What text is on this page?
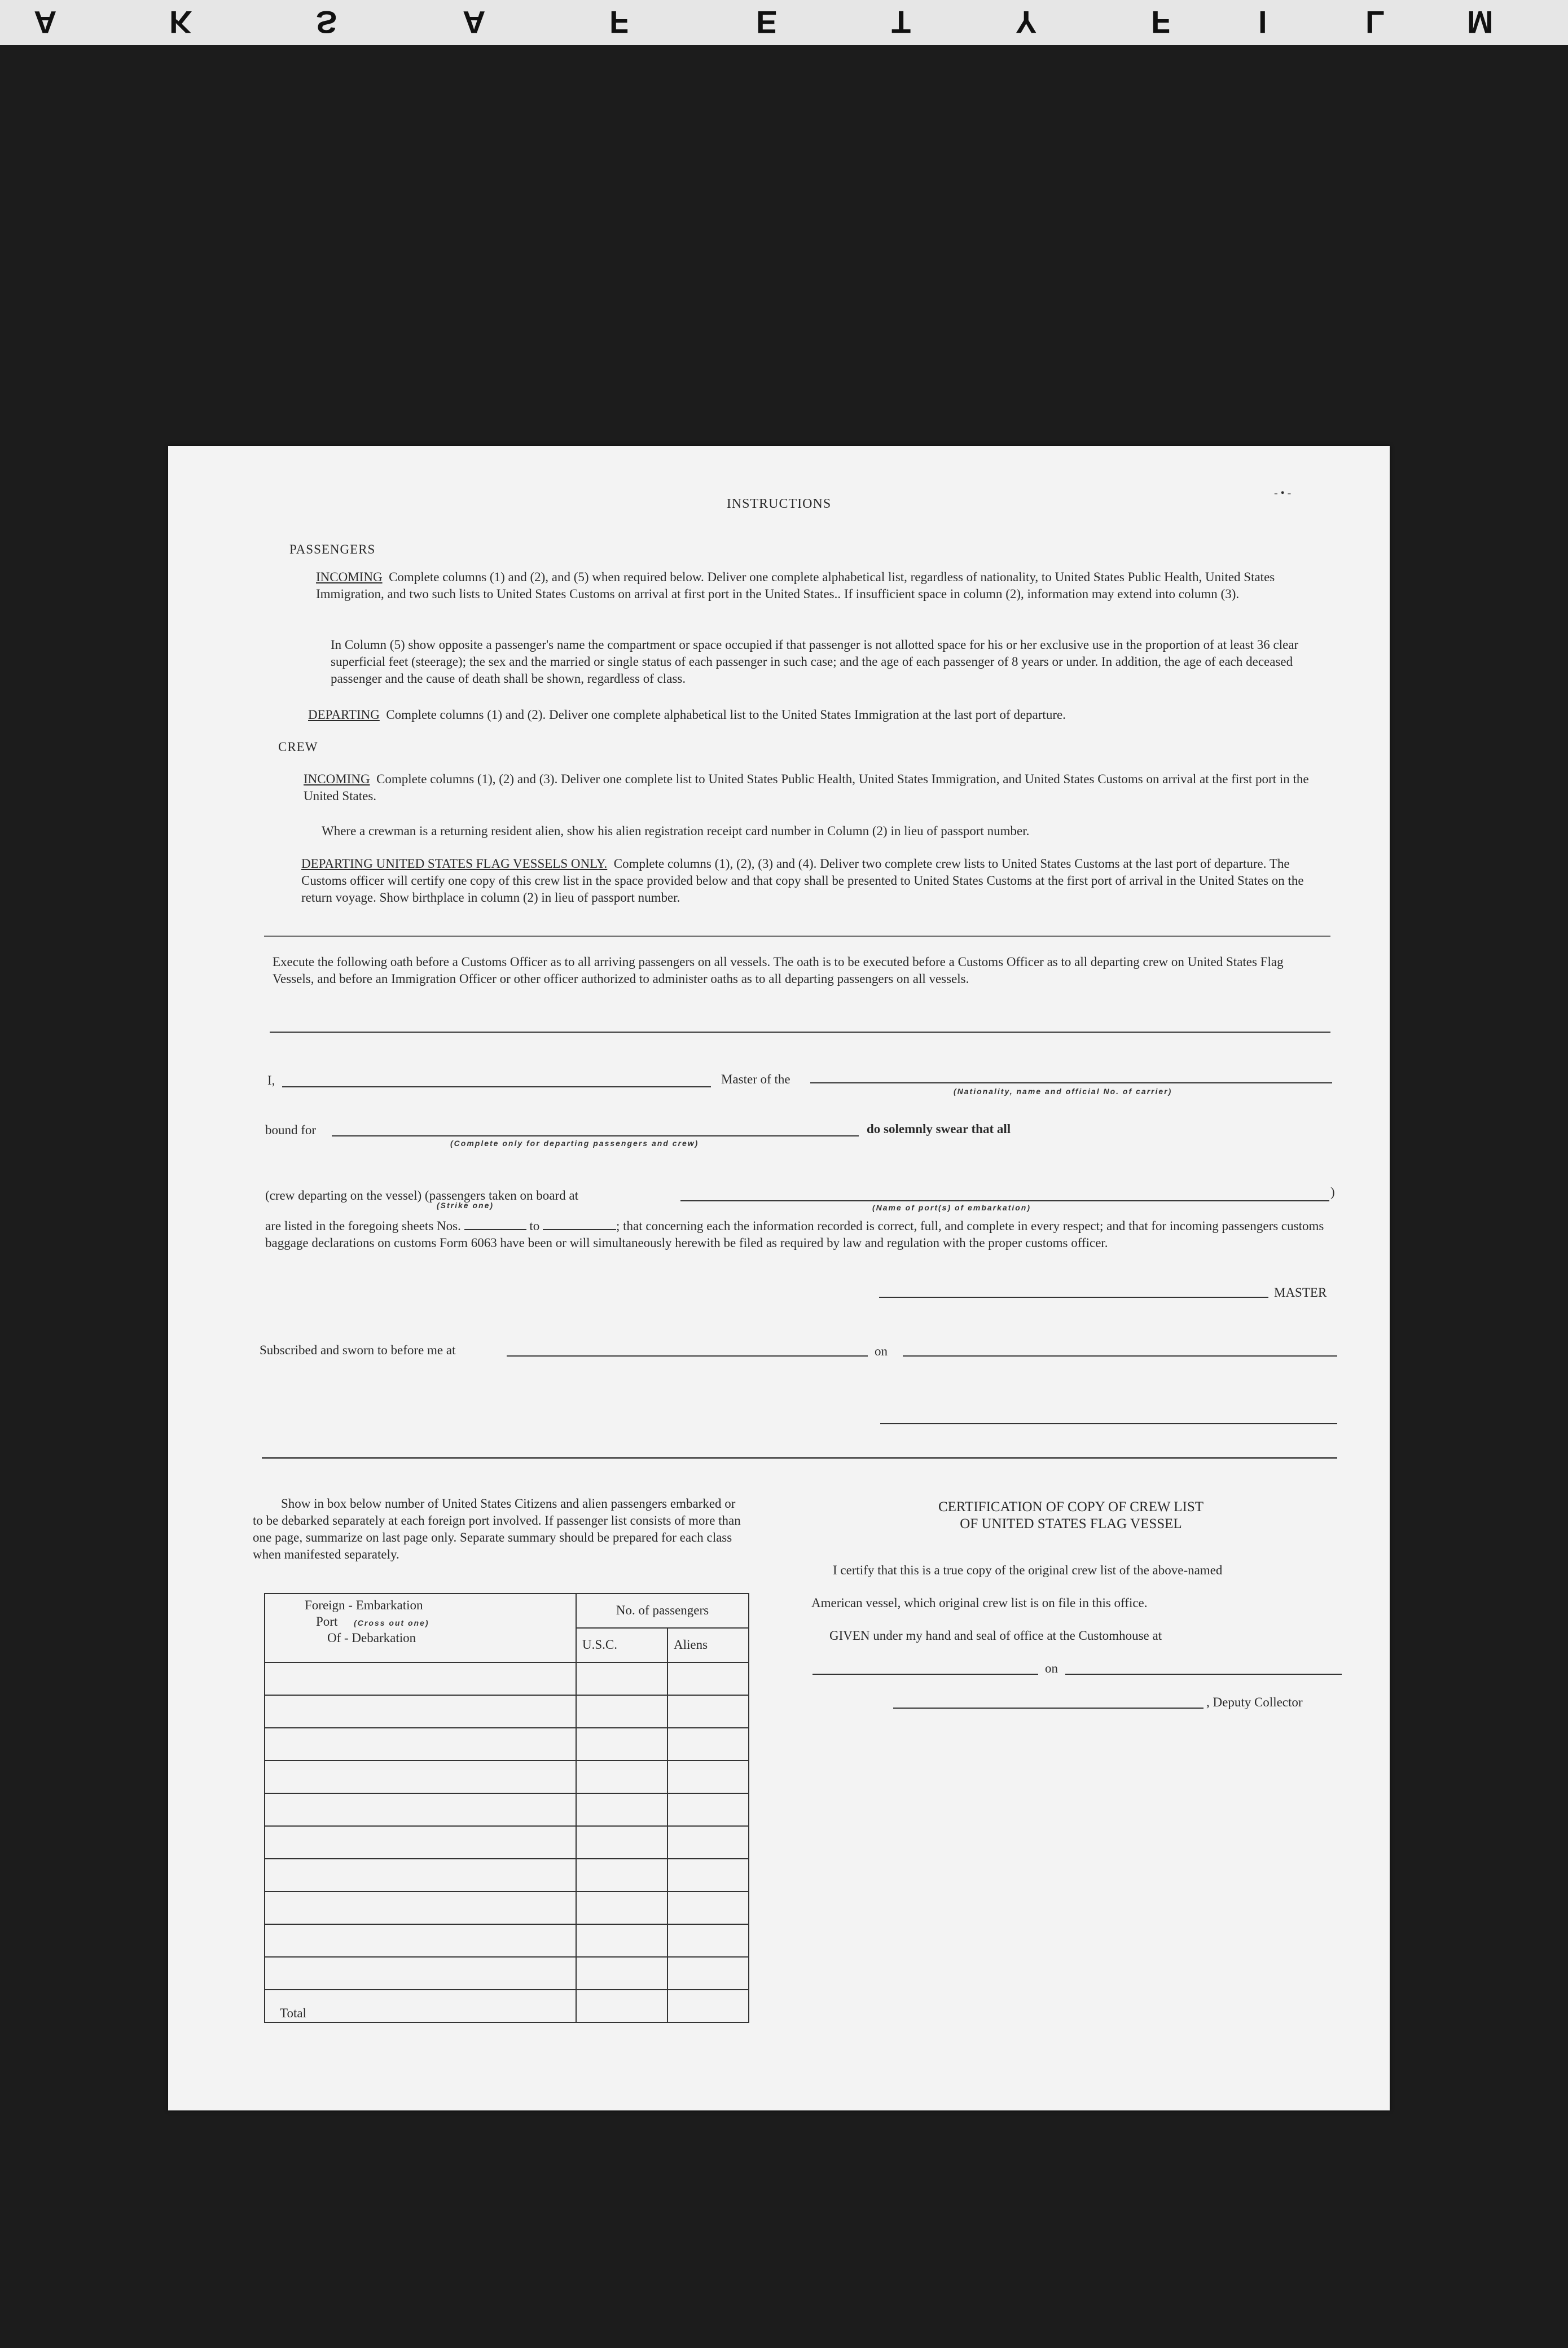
A	K	S	A	F	E	T	Y	F	I	L	M
INSTRUCTIONS
- • -
PASSENGERS
INCOMING Complete columns (1) and (2), and (5) when required below. Deliver one complete alphabetical list, regardless of nationality, to United States Public Health, United States Immigration, and two such lists to United States Customs on arrival at first port in the United States.. If insufficient space in column (2), information may extend into column (3).
In Column (5) show opposite a passenger's name the compartment or space occupied if that passenger is not allotted space for his or her exclusive use in the proportion of at least 36 clear superficial feet (steerage); the sex and the married or single status of each passenger in such case; and the age of each passenger of 8 years or under. In addition, the age of each deceased passenger and the cause of death shall be shown, regardless of class.
DEPARTING Complete columns (1) and (2). Deliver one complete alphabetical list to the United States Immigration at the last port of departure.
CREW
INCOMING Complete columns (1), (2) and (3). Deliver one complete list to United States Public Health, United States Immigration, and United States Customs on arrival at the first port in the United States.
Where a crewman is a returning resident alien, show his alien registration receipt card number in Column (2) in lieu of passport number.
DEPARTING UNITED STATES FLAG VESSELS ONLY. Complete columns (1), (2), (3) and (4). Deliver two complete crew lists to United States Customs at the last port of departure. The Customs officer will certify one copy of this crew list in the space provided below and that copy shall be presented to United States Customs at the first port of arrival in the United States on the return voyage. Show birthplace in column (2) in lieu of passport number.
Execute the following oath before a Customs Officer as to all arriving passengers on all vessels. The oath is to be executed before a Customs Officer as to all departing crew on United States Flag Vessels, and before an Immigration Officer or other officer authorized to administer oaths as to all departing passengers on all vessels.
I,	Master of the
(Nationality, name and official No. of carrier)
bound for
(Complete only for departing passengers and crew)
do solemnly swear that all
(crew departing on the vessel) (passengers taken on board at
(Strike one)
)
(Name of port(s) of embarkation)
are listed in the foregoing sheets Nos.	to	; that concerning each the information recorded is correct, full, and complete in every respect; and that for incoming passengers customs baggage declarations on customs Form 6063 have been or will simultaneously herewith be filed as required by law and regulation with the proper customs officer.
MASTER
Subscribed and sworn to before me at	on
Show in box below number of United States Citizens and alien passengers embarked or to be debarked separately at each foreign port involved. If passenger list consists of more than one page, summarize on last page only. Separate summary should be prepared for each class when manifested separately.
Foreign - Embarkation
Port (Cross out one)
Of - Debarkation	No. of passengers	
	U.S.C.	Aliens

Total		
CERTIFICATION OF COPY OF CREW LIST
OF UNITED STATES FLAG VESSEL
I certify that this is a true copy of the original crew list of the above-named
American vessel, which original crew list is on file in this office.
GIVEN under my hand and seal of office at the Customhouse at
on
, Deputy Collector
